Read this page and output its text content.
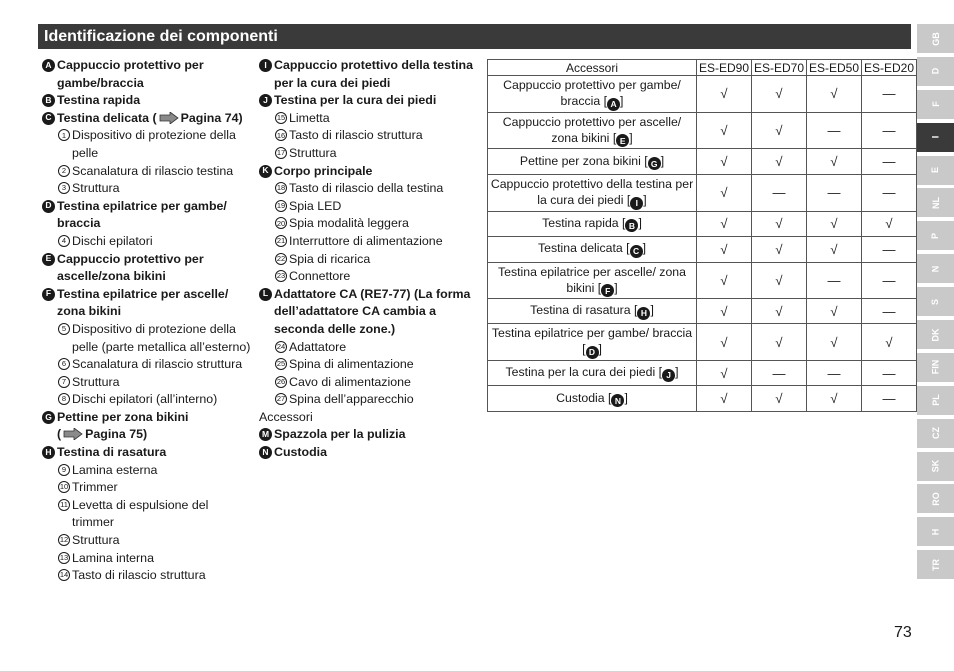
Identificazione dei componenti	GB
D
F
I
E
NL
P
N
S
DK
FIN
PL
CZ
SK
RO
H
TR
A Cappuccio protettivo per gambe/braccia
B Testina rapida
C Testina delicata ( Pagina 74)
1 Dispositivo di protezione della pelle
2 Scanalatura di rilascio testina
3 Struttura
D Testina epilatrice per gambe/ braccia
4 Dischi epilatori
E Cappuccio protettivo per ascelle/zona bikini
F Testina epilatrice per ascelle/ zona bikini
5 Dispositivo di protezione della pelle (parte metallica all’esterno)
6 Scanalatura di rilascio struttura
7 Struttura
8 Dischi epilatori (all’interno)
G Pettine per zona bikini
( Pagina 75)
H Testina di rasatura
9 Lamina esterna
10 Trimmer
11 Levetta di espulsione del trimmer
12 Struttura
13 Lamina interna
14 Tasto di rilascio struttura
I Cappuccio protettivo della testina per la cura dei piedi
J Testina per la cura dei piedi
15 Limetta
16 Tasto di rilascio struttura
17 Struttura
K Corpo principale
18 Tasto di rilascio della testina
19 Spia LED
20 Spia modalità leggera
21 Interruttore di alimentazione
22 Spia di ricarica
23 Connettore
L Adattatore CA (RE7-77) (La forma dell’adattatore CA cambia a seconda delle zone.)
24 Adattatore
25 Spina di alimentazione
26 Cavo di alimentazione
27 Spina dell’apparecchio
Accessori
M Spazzola per la pulizia
N Custodia
Accessori	ES-ED90	ES-ED70	ES-ED50	ES-ED20
Cappuccio protettivo per gambe/ braccia [ A ]	√	√	√	—
Cappuccio protettivo per ascelle/ zona bikini [ E ]	√	√	—	—
Pettine per zona bikini [ G ]	√	√	√	—
Cappuccio protettivo della testina per la cura dei piedi [ I ]	√	—	—	—
Testina rapida [ B ]	√	√	√	√
Testina delicata [ C ]	√	√	√	—
Testina epilatrice per ascelle/ zona bikini [ F ]	√	√	—	—
Testina di rasatura [ H ]	√	√	√	—
Testina epilatrice per gambe/ braccia [ D ]	√	√	√	√
Testina per la cura dei piedi [ J ]	√	—	—	—
Custodia [ N ]	√	√	√	—
73
